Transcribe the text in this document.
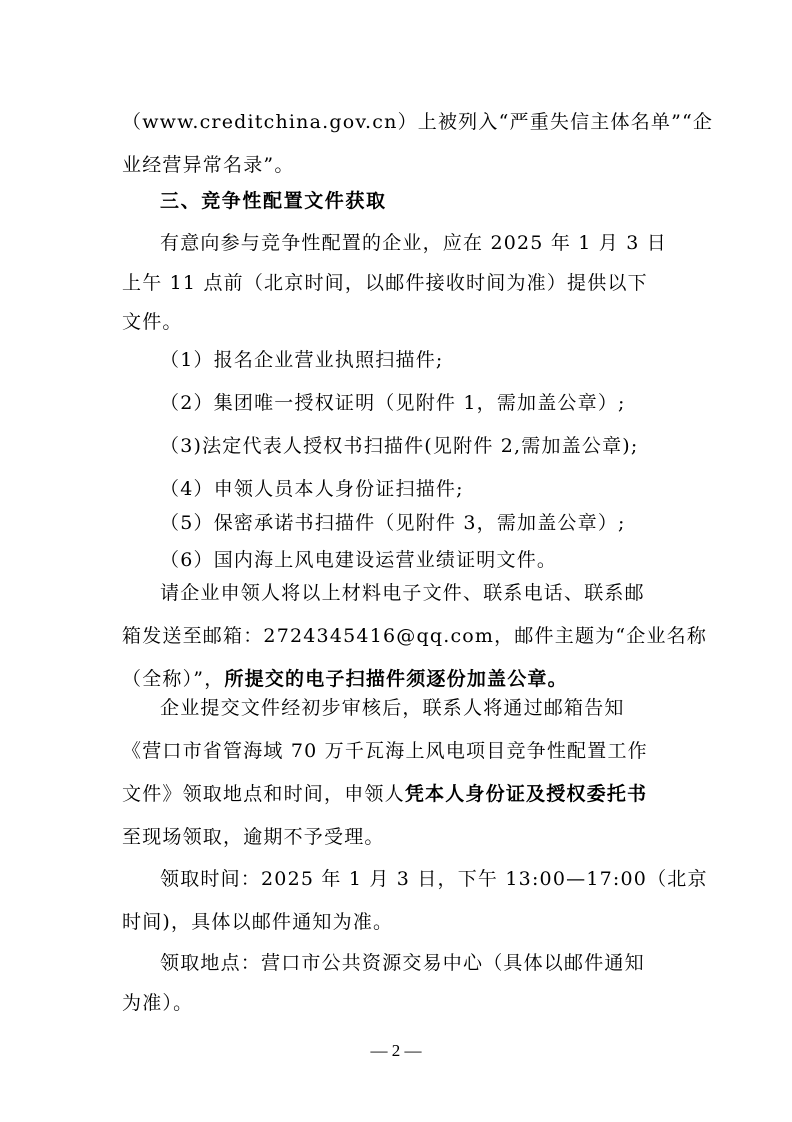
（www.creditchina.gov.cn）上被列入“严重失信主体名单”“企
业经营异常名录”。
三、竞争性配置文件获取
有意向参与竞争性配置的企业，应在 2025 年 1 月 3 日
上午 11 点前（北京时间，以邮件接收时间为准）提供以下
文件。
（1）报名企业营业执照扫描件;
（2）集团唯一授权证明（见附件 1，需加盖公章）;
（3)法定代表人授权书扫描件(见附件 2,需加盖公章);
（4）申领人员本人身份证扫描件;
（5）保密承诺书扫描件（见附件 3，需加盖公章）;
（6）国内海上风电建设运营业绩证明文件。
请企业申领人将以上材料电子文件、联系电话、联系邮
箱发送至邮箱：2724345416@qq.com，邮件主题为“企业名称
（全称）”，所提交的电子扫描件须逐份加盖公章。
企业提交文件经初步审核后，联系人将通过邮箱告知
《营口市省管海域 70 万千瓦海上风电项目竞争性配置工作
文件》领取地点和时间，申领人凭本人身份证及授权委托书
至现场领取，逾期不予受理。
领取时间：2025 年 1 月 3 日，下午 13:00—17:00（北京
时间)，具体以邮件通知为准。
领取地点：营口市公共资源交易中心（具体以邮件通知
— 2 —
为准）。
